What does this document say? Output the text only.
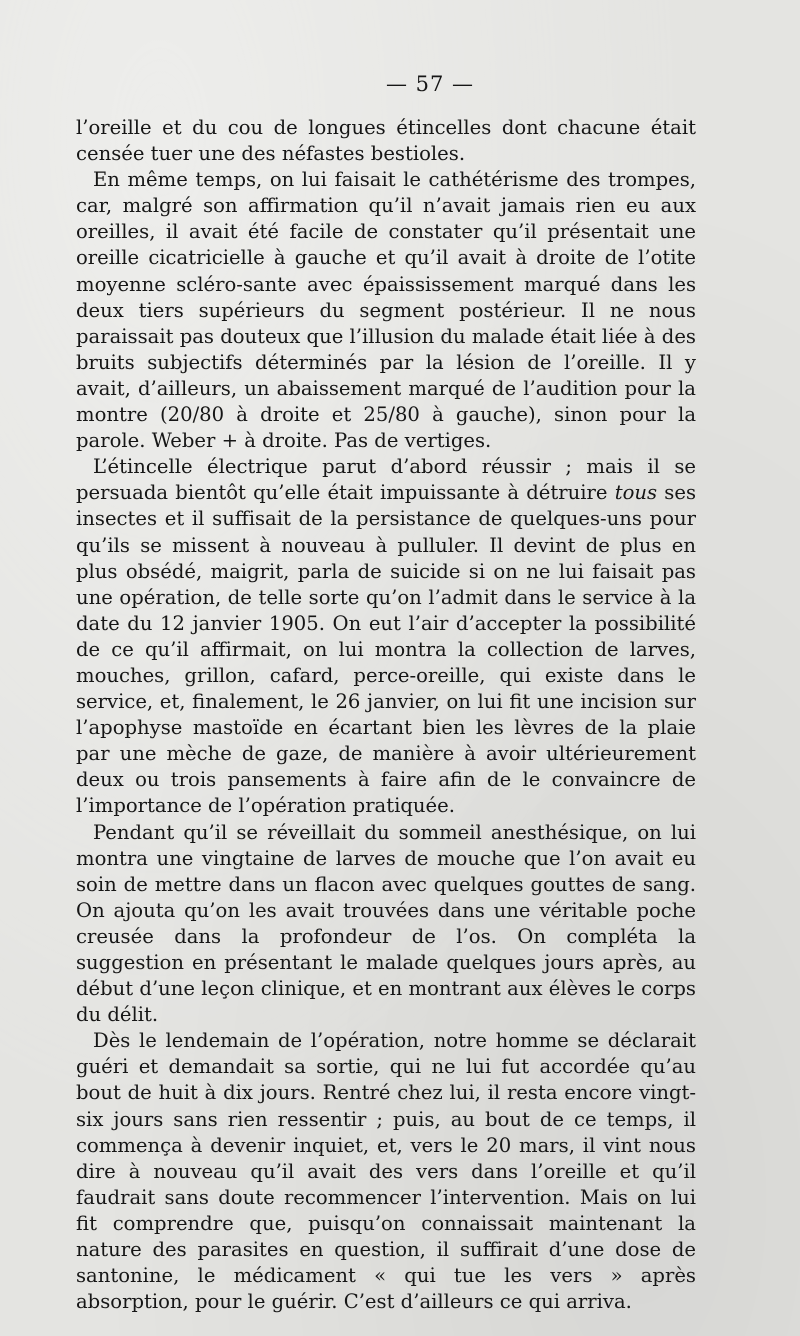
— 57 —

l’oreille et du cou de longues étincelles dont chacune était censée tuer une des néfastes bestioles.

En même temps, on lui faisait le cathétérisme des trompes, car, malgré son affirmation qu’il n’avait jamais rien eu aux oreilles, il avait été facile de constater qu’il présentait une oreille cicatricielle à gauche et qu’il avait à droite de l’otite moyenne scléro-sante avec épaississement marqué dans les deux tiers supérieurs du segment postérieur. Il ne nous paraissait pas douteux que l’illusion du malade était liée à des bruits subjectifs déterminés par la lésion de l’oreille. Il y avait, d’ailleurs, un abaissement marqué de l’audition pour la montre (20/80 à droite et 25/80 à gauche), sinon pour la parole. Weber + à droite. Pas de vertiges.

L’étincelle électrique parut d’abord réussir ; mais il se persuada bientôt qu’elle était impuissante à détruire tous ses insectes et il suffisait de la persistance de quelques-uns pour qu’ils se missent à nouveau à pulluler. Il devint de plus en plus obsédé, maigrit, parla de suicide si on ne lui faisait pas une opération, de telle sorte qu’on l’admit dans le service à la date du 12 janvier 1905. On eut l’air d’accepter la possibilité de ce qu’il affirmait, on lui montra la collection de larves, mouches, grillon, cafard, perce-oreille, qui existe dans le service, et, finalement, le 26 janvier, on lui fit une incision sur l’apophyse mastoïde en écartant bien les lèvres de la plaie par une mèche de gaze, de manière à avoir ultérieurement deux ou trois pansements à faire afin de le convaincre de l’importance de l’opération pratiquée.

Pendant qu’il se réveillait du sommeil anesthésique, on lui montra une vingtaine de larves de mouche que l’on avait eu soin de mettre dans un flacon avec quelques gouttes de sang. On ajouta qu’on les avait trouvées dans une véritable poche creusée dans la profondeur de l’os. On compléta la suggestion en présentant le malade quelques jours après, au début d’une leçon clinique, et en montrant aux élèves le corps du délit.

Dès le lendemain de l’opération, notre homme se déclarait guéri et demandait sa sortie, qui ne lui fut accordée qu’au bout de huit à dix jours. Rentré chez lui, il resta encore vingt-six jours sans rien ressentir ; puis, au bout de ce temps, il commença à devenir inquiet, et, vers le 20 mars, il vint nous dire à nouveau qu’il avait des vers dans l’oreille et qu’il faudrait sans doute recommencer l’intervention. Mais on lui fit comprendre que, puisqu’on connaissait maintenant la nature des parasites en question, il suffirait d’une dose de santonine, le médicament « qui tue les vers » après absorption, pour le guérir. C’est d’ailleurs ce qui arriva.
